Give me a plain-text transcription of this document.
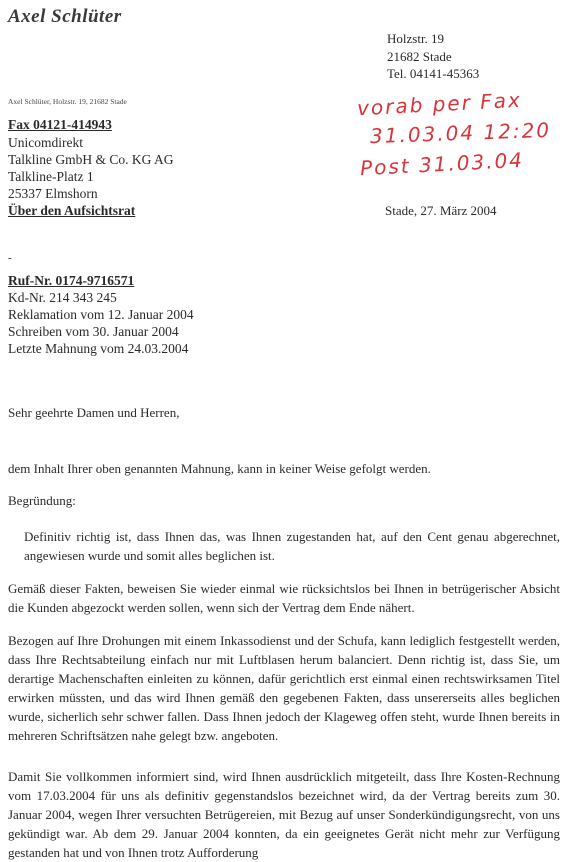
Axel Schlüter
Holzstr. 19
21682 Stade
Tel. 04141-45363
Axel Schlüter, Holzstr. 19, 21682 Stade	vorab per Fax
31.03.04 12:20
Post 31.03.04
Fax 04121-414943
Unicomdirekt
Talkline GmbH & Co. KG AG
Talkline-Platz 1
25337 Elmshorn
Über den Aufsichtsrat	Stade, 27. März 2004
-
Ruf-Nr. 0174-9716571
Kd-Nr. 214 343 245
Reklamation vom 12. Januar 2004
Schreiben vom 30. Januar 2004
Letzte Mahnung vom 24.03.2004
Sehr geehrte Damen und Herren,
dem Inhalt Ihrer oben genannten Mahnung, kann in keiner Weise gefolgt werden.
Begründung:
Definitiv richtig ist, dass Ihnen das, was Ihnen zugestanden hat, auf den Cent genau abgerechnet, angewiesen wurde und somit alles beglichen ist.
Gemäß dieser Fakten, beweisen Sie wieder einmal wie rücksichtslos bei Ihnen in betrügerischer Absicht die Kunden abgezockt werden sollen, wenn sich der Vertrag dem Ende nähert.
Bezogen auf Ihre Drohungen mit einem Inkassodienst und der Schufa, kann lediglich festgestellt werden, dass Ihre Rechtsabteilung einfach nur mit Luftblasen herum balanciert. Denn richtig ist, dass Sie, um derartige Machenschaften einleiten zu können, dafür gerichtlich erst einmal einen rechtswirksamen Titel erwirken müssten, und das wird Ihnen gemäß den gegebenen Fakten, dass unsererseits alles beglichen wurde, sicherlich sehr schwer fallen. Dass Ihnen jedoch der Klageweg offen steht, wurde Ihnen bereits in mehreren Schriftsätzen nahe gelegt bzw. angeboten.
Damit Sie vollkommen informiert sind, wird Ihnen ausdrücklich mitgeteilt, dass Ihre Kosten-Rechnung vom 17.03.2004 für uns als definitiv gegenstandslos bezeichnet wird, da der Vertrag bereits zum 30. Januar 2004, wegen Ihrer versuchten Betrügereien, mit Bezug auf unser Sonderkündigungsrecht, von uns gekündigt war. Ab dem 29. Januar 2004 konnten, da ein geeignetes Gerät nicht mehr zur Verfügung gestanden hat und von Ihnen trotz Aufforderung
